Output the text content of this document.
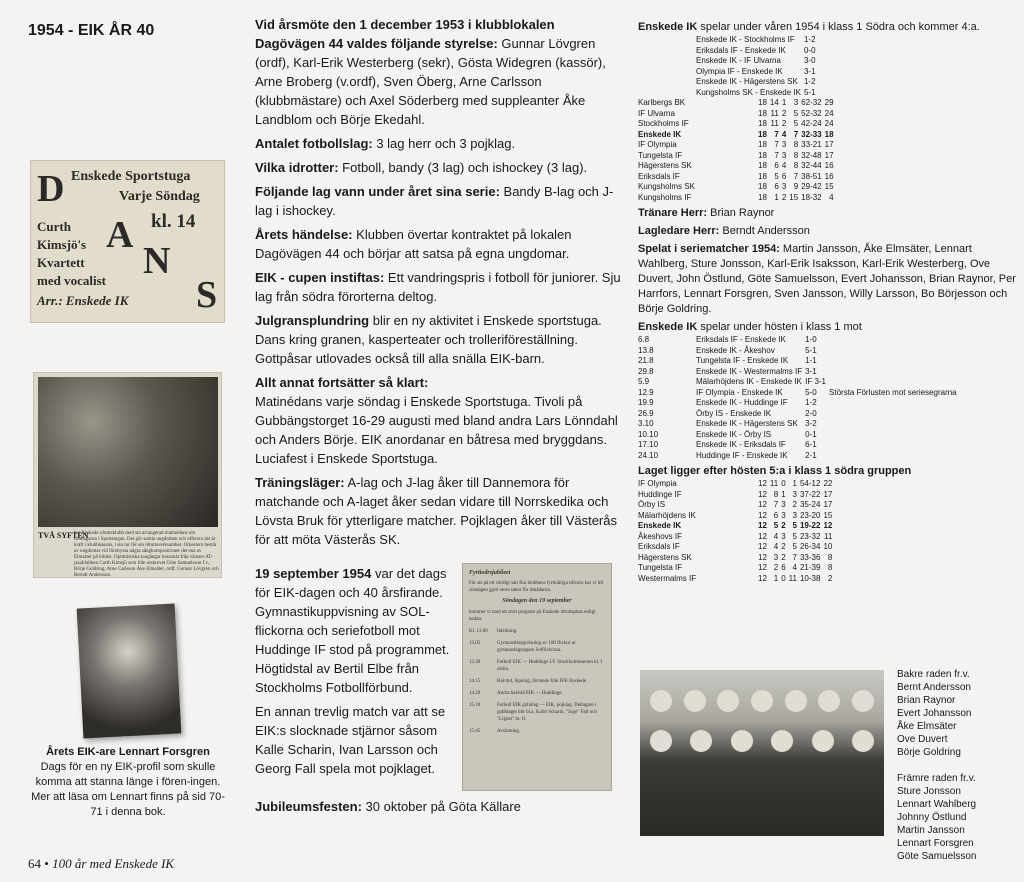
1954 - EIK ÅR 40
Enskede Sportstuga
Varje Söndag
D
A
N
S
kl. 14
Curth
Kimsjö's
Kvartett
med vocalist
Arr.: Enskede IK
TVÅ SYFTEN
har Enskede idrottsklubb med sin arrangerad matinédans om söndagarna i Sportstugan. Det gör samla ungdomen och offerera det är kraft i klubbkassan, i sin tur för sin idrottsverksamhet. Orkestern består av ungdomar vid förebyssa några sångkompositioner det ena av Elmsäter på bilden. Optimistiska tongångar konstnär från vänster AT-jazzklubben Curth Kimsjö som från utskrevet Göte Samuelsson f.v., Börje Goldring, Arne Carlsson Åke Elmsäter, ordf. Gunnar Lövgren och Berndt Andersson.
Årets EIK-are Lennart Forsgren
Dags för en ny EIK-profil som skulle komma att stanna länge i fören-ingen. Mer att läsa om Lennart finns på sid 70-71 i denna bok.
64 • 100 år med Enskede IK

Vid årsmöte den 1 december 1953 i klubblokalen Dagövägen 44 valdes följande styrelse: Gunnar Lövgren (ordf), Karl-Erik Westerberg (sekr), Gösta Widegren (kassör), Arne Broberg (v.ordf), Sven Öberg, Arne Carlsson (klubbmästare) och Axel Söderberg med suppleanter Åke Landblom och Börje Ekedahl.

Antalet fotbollslag: 3 lag herr och 3 pojklag.

Vilka idrotter: Fotboll, bandy (3 lag) och ishockey (3 lag).

Följande lag vann under året sina serie: Bandy B-lag och J-lag i ishockey.

Årets händelse: Klubben övertar kontraktet på lokalen Dagövägen 44 och börjar att satsa på egna ungdomar.

EIK - cupen instiftas: Ett vandringspris i fotboll för juniorer. Sju lag från södra förorterna deltog.

Julgransplundring blir en ny aktivitet i Enskede sportstuga. Dans kring granen, kasperteater och trolleriföreställning. Gottpåsar utlovades också till alla snälla EIK-barn.

Allt annat fortsätter så klart:
Matinédans varje söndag i Enskede Sportstuga. Tivoli på Gubbängstorget 16-29 augusti med bland andra Lars Lönndahl och Anders Börje. EIK anordanar en båtresa med bryggdans. Luciafest i Enskede Sportstuga.

Träningsläger: A-lag och J-lag åker till Dannemora för matchande och A-laget åker sedan vidare till Norrskedika och Lövsta Bruk för ytterligare matcher. Pojklagen åker till Västerås för att möta Västerås SK.

19 september 1954 var det dags för EIK-dagen och 40 årsfirande. Gymnastikuppvisning av SOL-flickorna och seriefotboll mot Huddinge IF stod på programmet. Högtidstal av Bertil Elbe från Stockholms Fotbollförbund.

En annan trevlig match var att se EIK:s slocknade stjärnor såsom Kalle Scharin, Ivan Larsson och Georg Fall spela mot pojklaget.

Jubileumsfesten: 30 oktober på Göta Källare
Fyrtiodrsjubileet
För att på ett värdigt sätt fira klubbens fyrtioåriga tillvaro har vi till söndagen gjort stora saker för åskådarna.
Söndagen den 19 september
kommer vi med ett stort program på Enskede idrottsplats enligt nedan:
Kl. 13.00	Inledning.
13.05	Gymnastikuppvisning av 100 flickor ur gymnastikgruppen Solflickorna.
13.30	Fotboll EIK — Huddinge I.F. Stockholmsserien kl. I södra.
14.15	Halvtid, löpning, tävlande från IFK Enskede.
14.20	Andra halvtid EIK — Huddinge.
15.10	Fotboll EIK gubblag — EIK, pojklag. Deltagare i gubblaget blir bl.a. Kalle Scharin, "Jojje" Fall och "Lignet" m. fl.
15.45	Avslutning.
Enskede IK spelar under våren 1954 i klass 1 Södra och kommer 4:a.
Enskede IK - Stockholms IF	1-2
Eriksdals IF - Enskede IK	0-0
Enskede IK - IF Ulvarna	3-0
Olympia IF - Enskede IK	3-1
Enskede IK - Hägerstens SK	1-2
Kungsholms SK - Enskede IK	5-1
Karlbergs BK	18	14	1	3	62-32	29
IF Ulvarna	18	11	2	5	52-32	24
Stockholms IF	18	11	2	5	42-24	24
Enskede IK	18	7	4	7	32-33	18
IF Olympia	18	7	3	8	33-21	17
Tungelsta IF	18	7	3	8	32-48	17
Hägerstens SK	18	6	4	8	32-44	16
Eriksdals IF	18	5	6	7	38-51	16
Kungsholms SK	18	6	3	9	29-42	15
Kungsholms IF	18	1	2	15	18-32	4
Tränare Herr: Brian Raynor
Lagledare Herr: Berndt Andersson
Spelat i seriematcher 1954: Martin Jansson, Åke Elmsäter, Lennart Wahlberg, Sture Jonsson, Karl-Erik Isaksson, Karl-Erik Westerberg, Ove Duvert, John Östlund, Göte Samuelsson, Evert Johansson, Brian Raynor, Per Harrfors, Lennart Forsgren, Sven Jansson, Willy Larsson, Bo Börjesson och Börje Goldring.
Enskede IK spelar under hösten i klass 1 mot
6.8	Eriksdals IF - Enskede IK	1-0	
13.8	Enskede IK - Åkeshov	5-1	
21.8	Tungelsta IF - Enskede IK	1-1	
29.8	Enskede IK - Westermalms IF	3-1	
5.9	Mälarhöjdens IK - Enskede IK	IF 3-1	
12.9	IF Olympia - Enskede IK	5-0	Största Förlusten mot seriesegrarna
19.9	Enskede IK - Huddinge IF	1-2	
26.9	Örby IS - Enskede IK	2-0	
3.10	Enskede IK - Hägerstens SK	3-2	
10.10	Enskede IK - Örby IS	0-1	
17.10	Enskede IK - Eriksdals IF	6-1	
24.10	Huddinge IF - Enskede IK	2-1	
Laget ligger efter hösten 5:a i klass 1 södra gruppen
IF Olympia	12	11	0	1	54-12	22
Huddinge IF	12	8	1	3	37-22	17
Örby IS	12	7	3	2	35-24	17
Mälarhöjdens IK	12	6	3	3	23-20	15
Enskede IK	12	5	2	5	19-22	12
Åkeshovs IF	12	4	3	5	23-32	11
Eriksdals IF	12	4	2	5	26-34	10
Hägerstens SK	12	3	2	7	33-36	8
Tungelsta IF	12	2	6	4	21-39	8
Westermalms IF	12	1	0	11	10-38	2
Bakre raden fr.v.
Bernt Andersson
Brian Raynor
Evert Johansson
Åke Elmsäter
Ove Duvert
Börje Goldring
Främre raden fr.v.
Sture Jonsson
Lennart Wahlberg
Johnny Östlund
Martin Jansson
Lennart Forsgren
Göte Samuelsson
